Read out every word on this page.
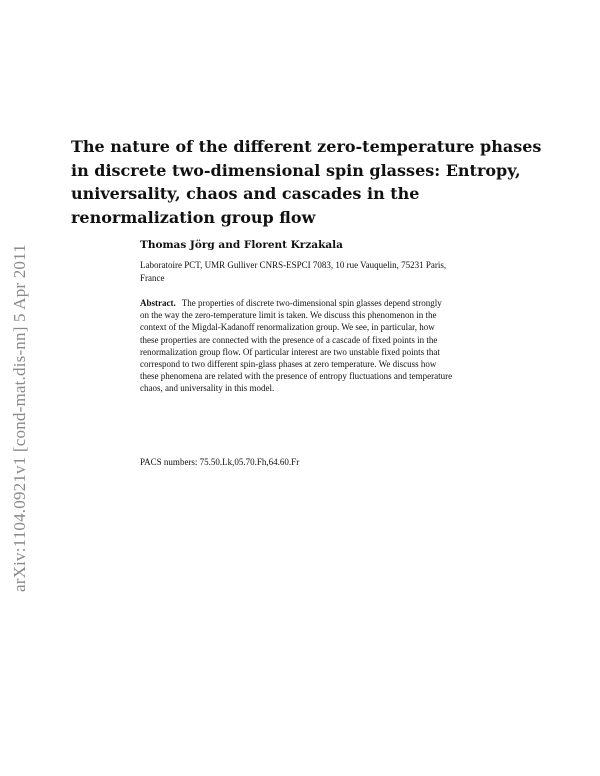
arXiv:1104.0921v1 [cond-mat.dis-nn] 5 Apr 2011
The nature of the different zero-temperature phases
in discrete two-dimensional spin glasses: Entropy,
universality, chaos and cascades in the
renormalization group flow
Thomas Jörg and Florent Krzakala
Laboratoire PCT, UMR Gulliver CNRS-ESPCI 7083, 10 rue Vauquelin, 75231 Paris,
France
Abstract. The properties of discrete two-dimensional spin glasses depend strongly
on the way the zero-temperature limit is taken. We discuss this phenomenon in the
context of the Migdal-Kadanoff renormalization group. We see, in particular, how
these properties are connected with the presence of a cascade of fixed points in the
renormalization group flow. Of particular interest are two unstable fixed points that
correspond to two different spin-glass phases at zero temperature. We discuss how
these phenomena are related with the presence of entropy fluctuations and temperature
chaos, and universality in this model.
PACS numbers: 75.50.Lk,05.70.Fh,64.60.Fr
